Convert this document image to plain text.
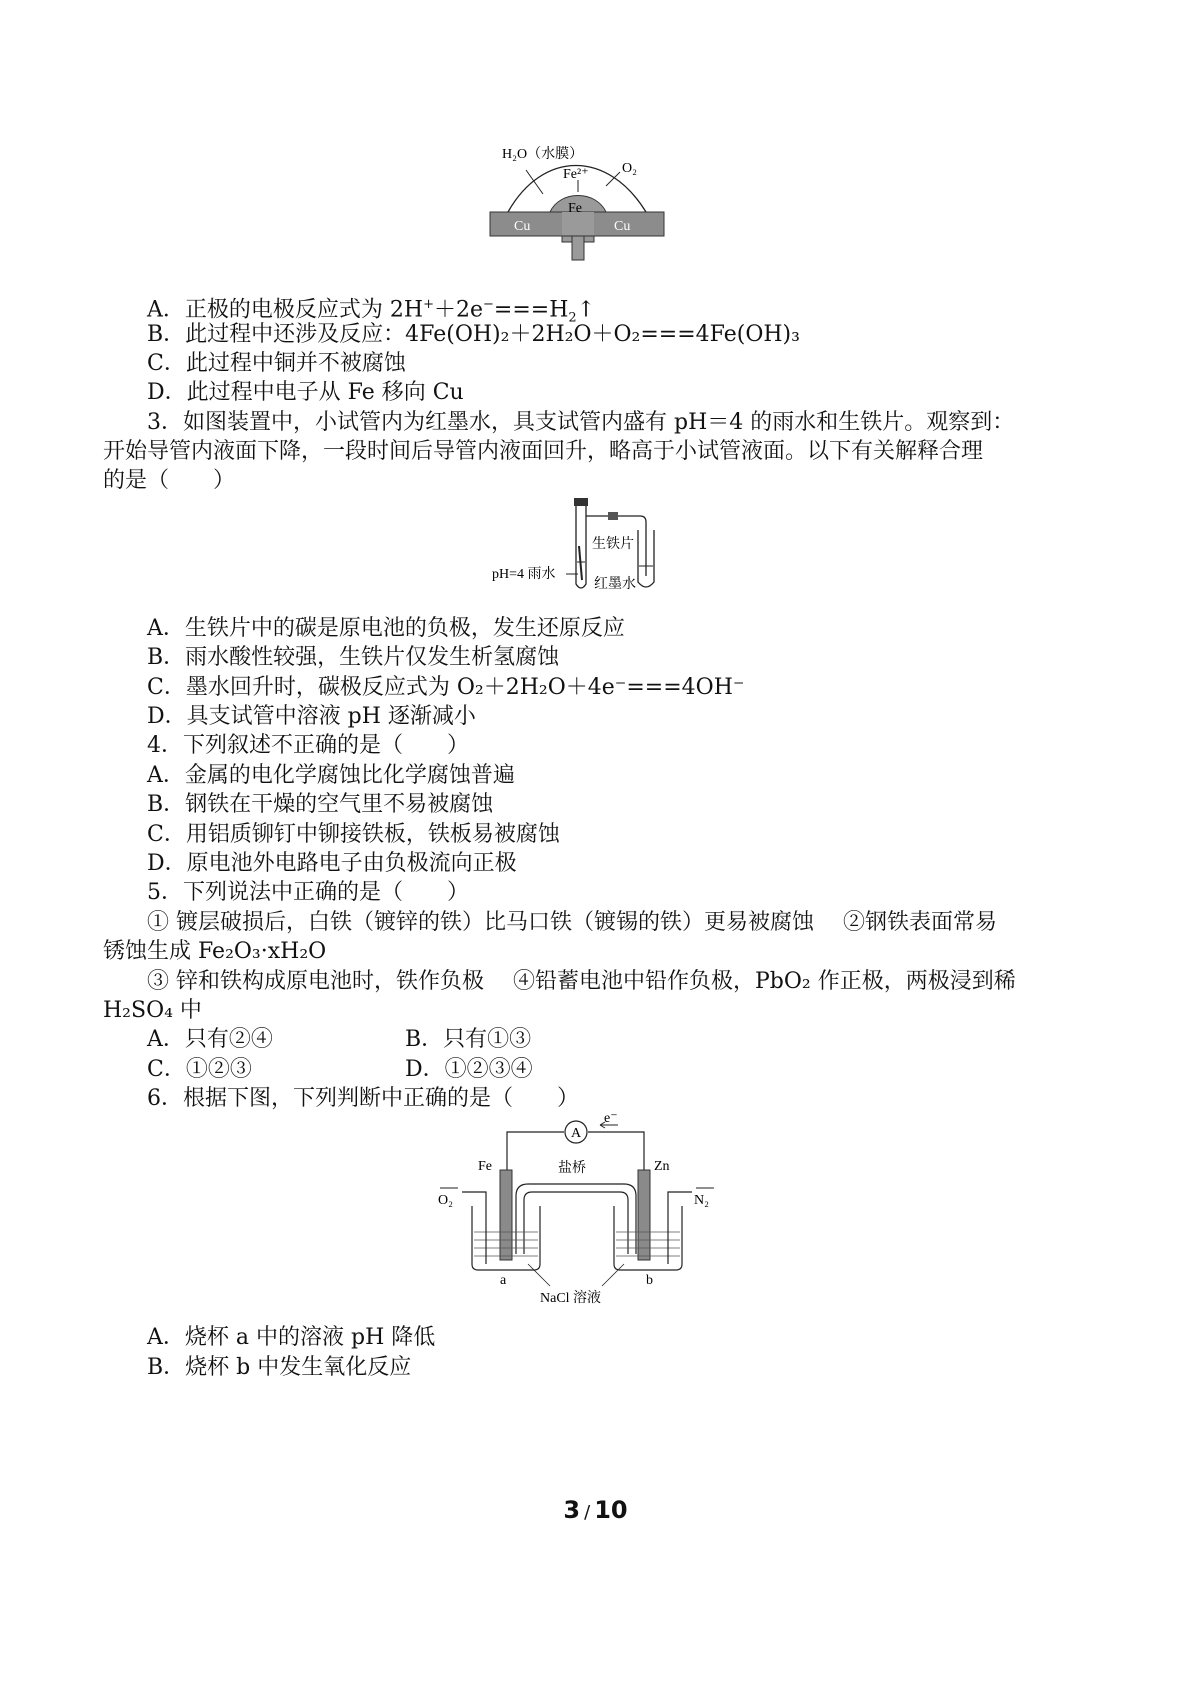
H₂O（水膜）
O₂
Fe²⁺
Fe
Cu	Cu
A．正极的电极反应式为 $2H^++2e^-===H_2↑$
B．此过程中还涉及反应：4Fe(OH)₂＋2H₂O＋O₂===4Fe(OH)₃
C．此过程中铜并不被腐蚀
D．此过程中电子从 Fe 移向 Cu
3．如图装置中，小试管内为红墨水，具支试管内盛有 pH＝4 的雨水和生铁片。观察到：
开始导管内液面下降，一段时间后导管内液面回升，略高于小试管液面。以下有关解释合理
的是（　　）
生铁片
pH=4 雨水
红墨水
A．生铁片中的碳是原电池的负极，发生还原反应
B．雨水酸性较强，生铁片仅发生析氢腐蚀
C．墨水回升时，碳极反应式为 O₂＋2H₂O＋4e⁻===4OH⁻
D．具支试管中溶液 pH 逐渐减小
4．下列叙述不正确的是（　　）
A．金属的电化学腐蚀比化学腐蚀普遍
B．钢铁在干燥的空气里不易被腐蚀
C．用铝质铆钉中铆接铁板，铁板易被腐蚀
D．原电池外电路电子由负极流向正极
5．下列说法中正确的是（　　）
① 镀层破损后，白铁（镀锌的铁）比马口铁（镀锡的铁）更易被腐蚀　 ②钢铁表面常易
锈蚀生成 Fe₂O₃·xH₂O
③ 锌和铁构成原电池时，铁作负极　 ④铅蓄电池中铅作负极，PbO₂ 作正极，两极浸到稀
H₂SO₄ 中
A．只有②④	B．只有①③
C．①②③	D．①②③④
6．根据下图，下列判断中正确的是（　　）
A
e⁻
Fe	Zn
盐桥
O₂	N₂
a	b
NaCl 溶液
A．烧杯 a 中的溶液 pH 降低
B．烧杯 b 中发生氧化反应
3 / 10
